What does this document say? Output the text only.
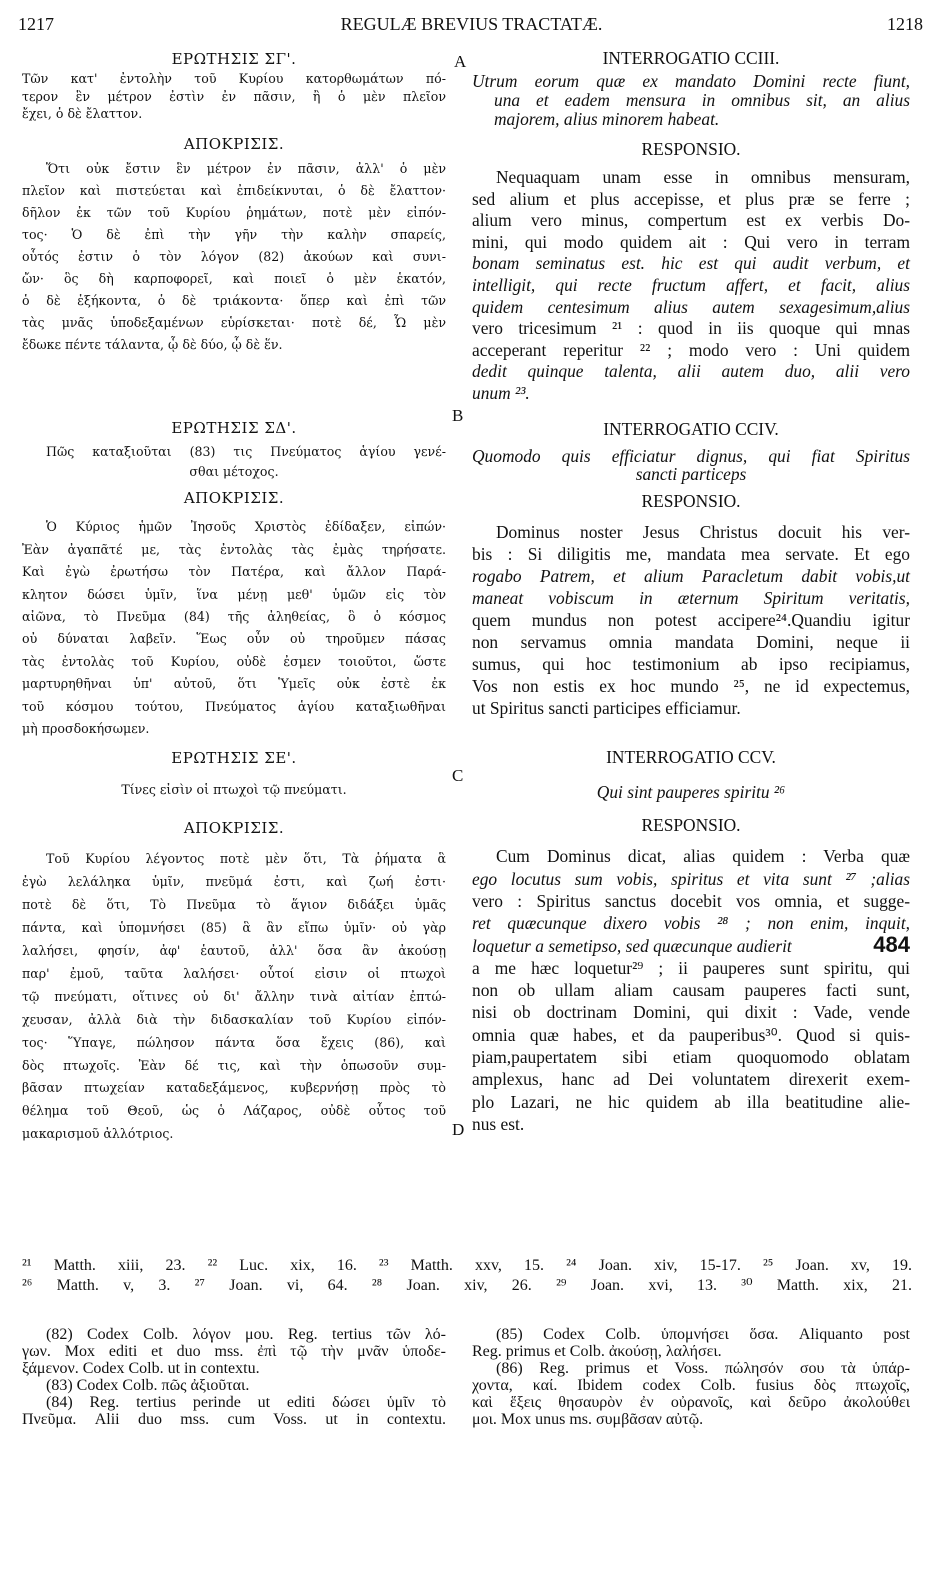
1217	REGULÆ BREVIUS TRACTATÆ.	1218
A
B
C
D
ΕΡΩΤΗΣΙΣ ΣΓ'.
Τῶν κατ' ἐντολὴν τοῦ Κυρίου κατορθωμάτων πό-
τερον ἓν μέτρον ἐστὶν ἐν πᾶσιν, ἢ ὁ μὲν πλεῖον
ἔχει, ὁ δὲ ἔλαττον.
ΑΠΟΚΡΙΣΙΣ.
Ὅτι οὐκ ἔστιν ἓν μέτρον ἐν πᾶσιν, ἀλλ' ὁ μὲν
πλεῖον καὶ πιστεύεται καὶ ἐπιδείκνυται, ὁ δὲ ἔλαττον·
δῆλον ἐκ τῶν τοῦ Κυρίου ῥημάτων, ποτὲ μὲν εἰπόν-
τος· Ὁ δὲ ἐπὶ τὴν γῆν τὴν καλὴν σπαρείς,
οὗτός ἐστιν ὁ τὸν λόγον (82) ἀκούων καὶ συνι-
ὤν· ὃς δὴ καρποφορεῖ, καὶ ποιεῖ ὁ μὲν ἑκατόν,
ὁ δὲ ἑξήκοντα, ὁ δὲ τριάκοντα· ὅπερ καὶ ἐπὶ τῶν
τὰς μνᾶς ὑποδεξαμένων εὑρίσκεται· ποτὲ δέ, Ὧ μὲν
ἔδωκε πέντε τάλαντα, ᾧ δὲ δύο, ᾧ δὲ ἕν.
ΕΡΩΤΗΣΙΣ ΣΔ'.
Πῶς καταξιοῦται (83) τις Πνεύματος ἁγίου γενέ-
σθαι μέτοχος.
ΑΠΟΚΡΙΣΙΣ.
Ὁ Κύριος ἡμῶν Ἰησοῦς Χριστὸς ἐδίδαξεν, εἰπών·
Ἐὰν ἀγαπᾶτέ με, τὰς ἐντολὰς τὰς ἐμὰς τηρήσατε.
Καὶ ἐγὼ ἐρωτήσω τὸν Πατέρα, καὶ ἄλλον Παρά-
κλητον δώσει ὑμῖν, ἵνα μένῃ μεθ' ὑμῶν εἰς τὸν
αἰῶνα, τὸ Πνεῦμα (84) τῆς ἀληθείας, ὃ ὁ κόσμος
οὐ δύναται λαβεῖν. Ἕως οὖν οὐ τηροῦμεν πάσας
τὰς ἐντολὰς τοῦ Κυρίου, οὐδὲ ἐσμεν τοιοῦτοι, ὥστε
μαρτυρηθῆναι ὑπ' αὐτοῦ, ὅτι Ὑμεῖς οὐκ ἐστὲ ἐκ
τοῦ κόσμου τούτου, Πνεύματος ἁγίου καταξιωθῆναι
μὴ προσδοκήσωμεν.
ΕΡΩΤΗΣΙΣ ΣΕ'.
Τίνες εἰσὶν οἱ πτωχοὶ τῷ πνεύματι.
ΑΠΟΚΡΙΣΙΣ.
Τοῦ Κυρίου λέγοντος ποτὲ μὲν ὅτι, Τὰ ῥήματα ἃ
ἐγὼ λελάληκα ὑμῖν, πνεῦμά ἐστι, καὶ ζωή ἐστι·
ποτὲ δὲ ὅτι, Τὸ Πνεῦμα τὸ ἅγιον διδάξει ὑμᾶς
πάντα, καὶ ὑπομνήσει (85) ἃ ἂν εἴπω ὑμῖν· οὐ γὰρ
λαλήσει, φησίν, ἀφ' ἑαυτοῦ, ἀλλ' ὅσα ἂν ἀκούσῃ
παρ' ἐμοῦ, ταῦτα λαλήσει· οὗτοί εἰσιν οἱ πτωχοὶ
τῷ πνεύματι, οἵτινες οὐ δι' ἄλλην τινὰ αἰτίαν ἐπτώ-
χευσαν, ἀλλὰ διὰ τὴν διδασκαλίαν τοῦ Κυρίου εἰπόν-
τος· Ὕπαγε, πώλησον πάντα ὅσα ἔχεις (86), καὶ
δὸς πτωχοῖς. Ἐὰν δέ τις, καὶ τὴν ὁπωσοῦν συμ-
βᾶσαν πτωχείαν καταδεξάμενος, κυβερνήσῃ πρὸς τὸ
θέλημα τοῦ Θεοῦ, ὡς ὁ Λάζαρος, οὐδὲ οὗτος τοῦ
μακαρισμοῦ ἀλλότριος.
INTERROGATIO CCIII.
Utrum eorum quæ ex mandato Domini recte fiunt,
una et eadem mensura in omnibus sit, an alius
majorem, alius minorem habeat.
RESPONSIO.
Nequaquam unam esse in omnibus mensuram,
sed alium et plus accepisse, et plus præ se ferre ;
alium vero minus, compertum est ex verbis Do-
mini, qui modo quidem ait : Qui vero in terram
bonam seminatus est. hic est qui audit verbum, et
intelligit, qui recte fructum affert, et facit, alius
quidem centesimum alius autem sexagesimum,alius
vero tricesimum ²¹ : quod in iis quoque qui mnas
acceperant reperitur ²² ; modo vero : Uni quidem
dedit quinque talenta, alii autem duo, alii vero
unum ²³.
INTERROGATIO CCIV.
Quomodo quis efficiatur dignus, qui fiat Spiritus
sancti particeps
RESPONSIO.
Dominus noster Jesus Christus docuit his ver-
bis : Si diligitis me, mandata mea servate. Et ego
rogabo Patrem, et alium Paracletum dabit vobis,ut
maneat vobiscum in æternum Spiritum veritatis,
quem mundus non potest accipere²⁴.Quandiu igitur
non servamus omnia mandata Domini, neque ii
sumus, qui hoc testimonium ab ipso recipiamus,
Vos non estis ex hoc mundo ²⁵, ne id expectemus,
ut Spiritus sancti participes efficiamur.
INTERROGATIO CCV.
Qui sint pauperes spiritu ²⁶
RESPONSIO.
Cum Dominus dicat, alias quidem : Verba quæ
ego locutus sum vobis, spiritus et vita sunt ²⁷ ;alias
vero : Spiritus sanctus docebit vos omnia, et sugge-
ret quæcunque dixero vobis ²⁸ ; non enim, inquit,
loquetur a semetipso, sed quæcunque audierit	484
a me hæc loquetur²⁹ ; ii pauperes sunt spiritu, qui
non ob ullam aliam causam pauperes facti sunt,
nisi ob doctrinam Domini, qui dixit : Vade, vende
omnia quæ habes, et da pauperibus³⁰. Quod si quis-
piam,paupertatem sibi etiam quoquomodo oblatam
amplexus, hanc ad Dei voluntatem direxerit exem-
plo Lazari, ne hic quidem ab illa beatitudine alie-
nus est.
²¹ Matth. xiii, 23. ²² Luc. xix, 16. ²³ Matth. xxv, 15. ²⁴ Joan. xiv, 15-17. ²⁵ Joan. xv, 19.
²⁶ Matth. v, 3. ²⁷ Joan. vi, 64. ²⁸ Joan. xiv, 26. ²⁹ Joan. xvi, 13. ³⁰ Matth. xix, 21.
(82) Codex Colb. λόγον μου. Reg. tertius τῶν λό-
γων. Mox editi et duo mss. ἐπὶ τῷ τὴν μνᾶν ὑποδε-
ξάμενον. Codex Colb. ut in contextu.
(83) Codex Colb. πῶς ἀξιοῦται.
(84) Reg. tertius perinde ut editi δώσει ὑμῖν τὸ
Πνεῦμα. Alii duo mss. cum Voss. ut in contextu.
(85) Codex Colb. ὑπομνήσει ὅσα. Aliquanto post
Reg. primus et Colb. ἀκούσῃ, λαλήσει.
(86) Reg. primus et Voss. πώλησόν σου τὰ ὑπάρ-
χοντα, καί. Ibidem codex Colb. fusius δὸς πτωχοῖς,
καὶ ἕξεις θησαυρὸν ἐν οὐρανοῖς, καὶ δεῦρο ἀκολούθει
μοι. Mox unus ms. συμβᾶσαν αὐτῷ.
